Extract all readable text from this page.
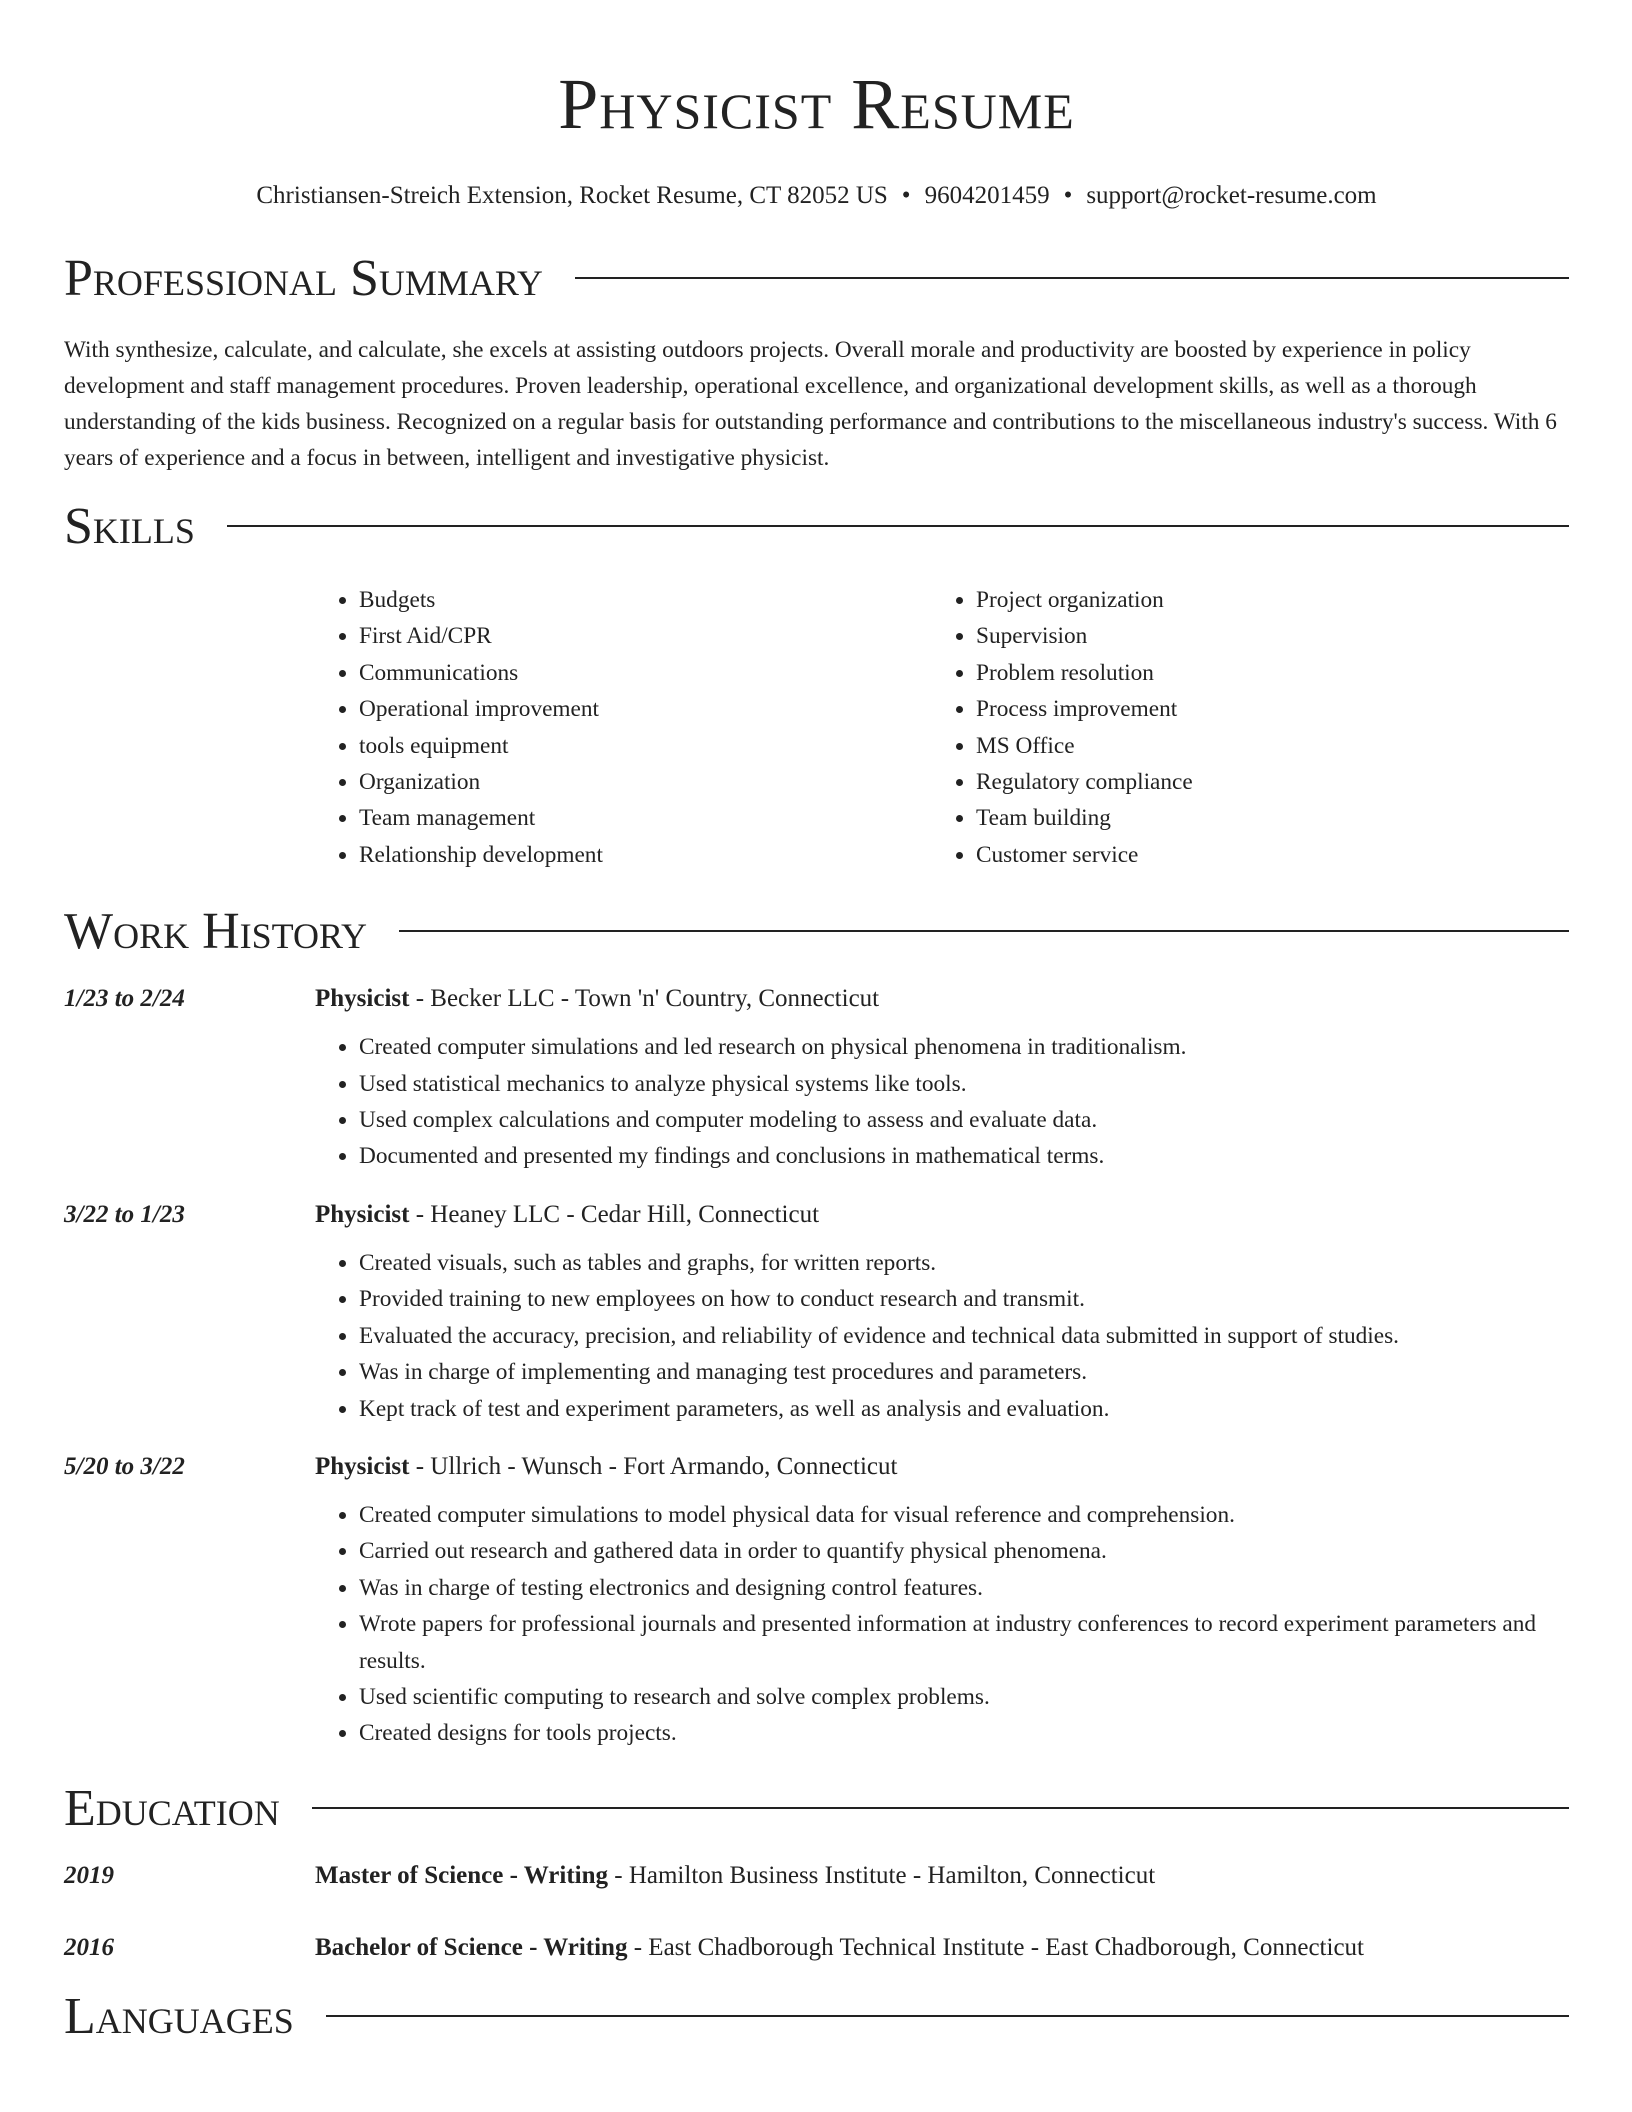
Physicist Resume
Christiansen-Streich Extension, Rocket Resume, CT 82052 US • 9604201459 • support@rocket-resume.com
Professional Summary

With synthesize, calculate, and calculate, she excels at assisting outdoors projects. Overall morale and productivity are boosted by experience in policy development and staff management procedures. Proven leadership, operational excellence, and organizational development skills, as well as a thorough understanding of the kids business. Recognized on a regular basis for outstanding performance and contributions to the miscellaneous industry's success. With 6 years of experience and a focus in between, intelligent and investigative physicist.

Skills
• Budgets
• First Aid/CPR
• Communications
• Operational improvement
• tools equipment
• Organization
• Team management
• Relationship development
• Project organization
• Supervision
• Problem resolution
• Process improvement
• MS Office
• Regulatory compliance
• Team building
• Customer service
Work History
1/23 to 2/24	Physicist - Becker LLC - Town 'n' Country, Connecticut
• Created computer simulations and led research on physical phenomena in traditionalism.
• Used statistical mechanics to analyze physical systems like tools.
• Used complex calculations and computer modeling to assess and evaluate data.
• Documented and presented my findings and conclusions in mathematical terms.
3/22 to 1/23	Physicist - Heaney LLC - Cedar Hill, Connecticut
• Created visuals, such as tables and graphs, for written reports.
• Provided training to new employees on how to conduct research and transmit.
• Evaluated the accuracy, precision, and reliability of evidence and technical data submitted in support of studies.
• Was in charge of implementing and managing test procedures and parameters.
• Kept track of test and experiment parameters, as well as analysis and evaluation.
5/20 to 3/22	Physicist - Ullrich - Wunsch - Fort Armando, Connecticut
• Created computer simulations to model physical data for visual reference and comprehension.
• Carried out research and gathered data in order to quantify physical phenomena.
• Was in charge of testing electronics and designing control features.
• Wrote papers for professional journals and presented information at industry conferences to record experiment parameters and results.
• Used scientific computing to research and solve complex problems.
• Created designs for tools projects.
Education
2019	Master of Science - Writing - Hamilton Business Institute - Hamilton, Connecticut
2016	Bachelor of Science - Writing - East Chadborough Technical Institute - East Chadborough, Connecticut
Languages
